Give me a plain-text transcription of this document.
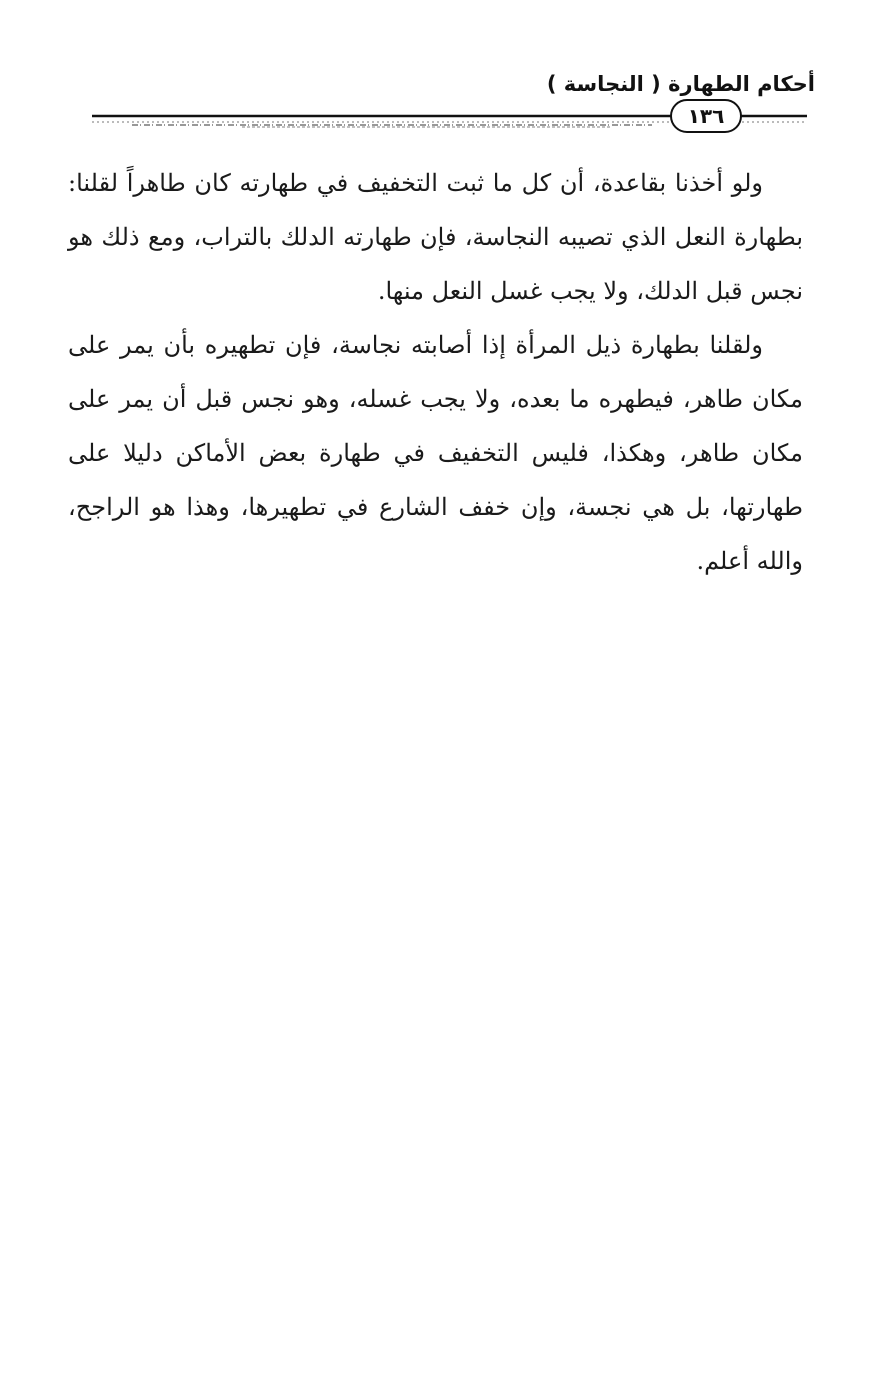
أحكام الطهارة ( النجاسة )
١٣٦

ولو أخذنا بقاعدة، أن كل ما ثبت التخفيف في طهارته كان طاهراً لقلنا: بطهارة النعل الذي تصيبه النجاسة، فإن طهارته الدلك بالتراب، ومع ذلك هو نجس قبل الدلك، ولا يجب غسل النعل منها.

ولقلنا بطهارة ذيل المرأة إذا أصابته نجاسة، فإن تطهيره بأن يمر على مكان طاهر، فيطهره ما بعده، ولا يجب غسله، وهو نجس قبل أن يمر على مكان طاهر، وهكذا، فليس التخفيف في طهارة بعض الأماكن دليلا على طهارتها، بل هي نجسة، وإن خفف الشارع في تطهيرها، وهذا هو الراجح، والله أعلم.
